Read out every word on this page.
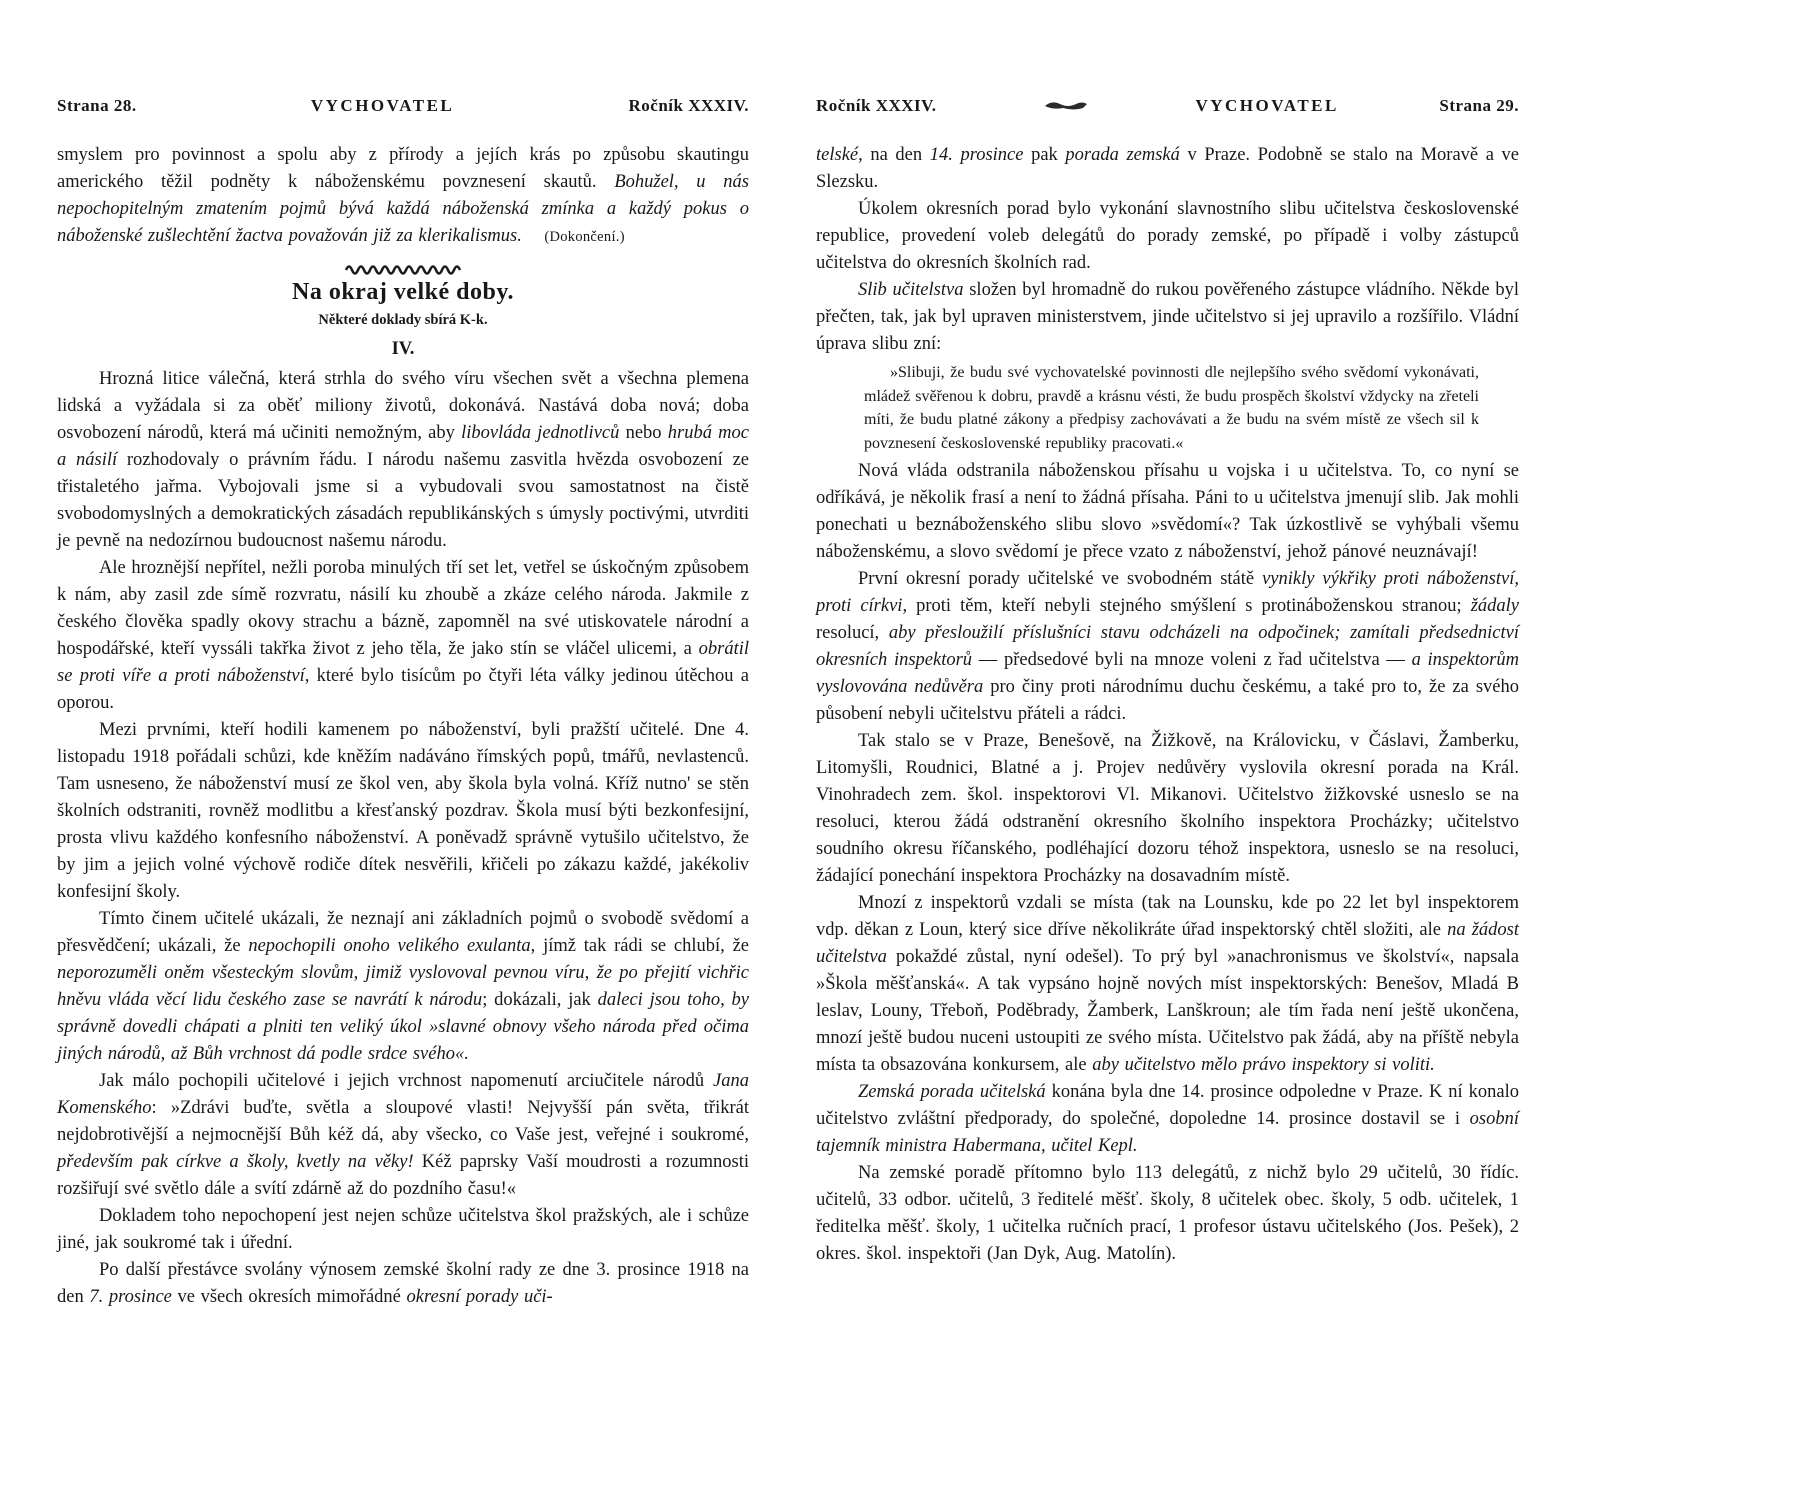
Strana 28.	VYCHOVATEL	Ročník XXXIV.

smyslem pro povinnost a spolu aby z přírody a jejích krás po způsobu skautingu amerického těžil podněty k náboženskému povznesení skautů. Bohužel, u nás nepochopitelným zmatením pojmů bývá každá náboženská zmínka a každý pokus o náboženské zušlechtění žactva považován již za klerikalismus. (Dokončení.)

Na okraj velké doby.
Některé doklady sbírá K-k.
IV.

Hrozná litice válečná, která strhla do svého víru všechen svět a všechna plemena lidská a vyžádala si za oběť miliony životů, dokonává. Nastává doba nová; doba osvobození národů, která má učiniti nemožným, aby libovláda jednotlivců nebo hrubá moc a násilí rozhodovaly o právním řádu. I národu našemu zasvitla hvězda osvobození ze třistaletého jařma. Vybojovali jsme si a vybudovali svou samostatnost na čistě svobodomyslných a demokratických zásadách republikánských s úmysly poctivými, utvrditi je pevně na nedozírnou budoucnost našemu národu.

Ale hroznější nepřítel, nežli poroba minulých tří set let, vetřel se úskočným způsobem k nám, aby zasil zde símě rozvratu, násilí ku zhoubě a zkáze celého národa. Jakmile z českého člověka spadly okovy strachu a bázně, zapomněl na své utiskovatele národní a hospodářské, kteří vyssáli takřka život z jeho těla, že jako stín se vláčel ulicemi, a obrátil se proti víře a proti náboženství, které bylo tisícům po čtyři léta války jedinou útěchou a oporou.

Mezi prvními, kteří hodili kamenem po náboženství, byli pražští učitelé. Dne 4. listopadu 1918 pořádali schůzi, kde kněžím nadáváno římských popů, tmářů, nevlastenců. Tam usneseno, že náboženství musí ze škol ven, aby škola byla volná. Kříž nutno' se stěn školních odstraniti, rovněž modlitbu a křesťanský pozdrav. Škola musí býti bezkonfesijní, prosta vlivu každého konfesního náboženství. A poněvadž správně vytušilo učitelstvo, že by jim a jejich volné výchově rodiče dítek nesvěřili, křičeli po zákazu každé, jakékoliv konfesijní školy.

Tímto činem učitelé ukázali, že neznají ani základních pojmů o svobodě svědomí a přesvědčení; ukázali, že nepochopili onoho velikého exulanta, jímž tak rádi se chlubí, že neporozuměli oněm všesteckým slovům, jimiž vyslovoval pevnou víru, že po přejití vichřic hněvu vláda věcí lidu českého zase se navrátí k národu; dokázali, jak daleci jsou toho, by správně dovedli chápati a plniti ten veliký úkol »slavné obnovy všeho národa před očima jiných národů, až Bůh vrchnost dá podle srdce svého«.

Jak málo pochopili učitelové i jejich vrchnost napomenutí arciučitele národů Jana Komenského: »Zdrávi buďte, světla a sloupové vlasti! Nejvyšší pán světa, třikrát nejdobrotivější a nejmocnější Bůh kéž dá, aby všecko, co Vaše jest, veřejné i soukromé, především pak církve a školy, kvetly na věky! Kéž paprsky Vaší moudrosti a rozumnosti rozšiřují své světlo dále a svítí zdárně až do pozdního času!«

Dokladem toho nepochopení jest nejen schůze učitelstva škol pražských, ale i schůze jiné, jak soukromé tak i úřední.

Po další přestávce svolány výnosem zemské školní rady ze dne 3. prosince 1918 na den 7. prosince ve všech okresích mimořádné okresní porady uči-

Ročník XXXIV.	VYCHOVATEL	Strana 29.

telské, na den 14. prosince pak porada zemská v Praze. Podobně se stalo na Moravě a ve Slezsku.

Úkolem okresních porad bylo vykonání slavnostního slibu učitelstva československé republice, provedení voleb delegátů do porady zemské, po případě i volby zástupců učitelstva do okresních školních rad.

Slib učitelstva složen byl hromadně do rukou pověřeného zástupce vládního. Někde byl přečten, tak, jak byl upraven ministerstvem, jinde učitelstvo si jej upravilo a rozšířilo. Vládní úprava slibu zní:

»Slibuji, že budu své vychovatelské povinnosti dle nejlepšího svého svědomí vykonávati, mládež svěřenou k dobru, pravdě a krásnu vésti, že budu prospěch školství vždycky na zřeteli míti, že budu platné zákony a předpisy zachovávati a že budu na svém místě ze všech sil k povznesení československé republiky pracovati.«

Nová vláda odstranila náboženskou přísahu u vojska i u učitelstva. To, co nyní se odříkává, je několik frasí a není to žádná přísaha. Páni to u učitelstva jmenují slib. Jak mohli ponechati u beznáboženského slibu slovo »svědomí«? Tak úzkostlivě se vyhýbali všemu náboženskému, a slovo svědomí je přece vzato z náboženství, jehož pánové neuznávají!

První okresní porady učitelské ve svobodném státě vynikly výkřiky proti náboženství, proti církvi, proti těm, kteří nebyli stejného smýšlení s protináboženskou stranou; žádaly resolucí, aby přesloužilí příslušníci stavu odcházeli na odpočinek; zamítali předsednictví okresních inspektorů — předsedové byli na mnoze voleni z řad učitelstva — a inspektorům vyslovována nedůvěra pro činy proti národnímu duchu českému, a také pro to, že za svého působení nebyli učitelstvu přáteli a rádci.

Tak stalo se v Praze, Benešově, na Žižkově, na Královicku, v Čáslavi, Žamberku, Litomyšli, Roudnici, Blatné a j. Projev nedůvěry vyslovila okresní porada na Král. Vinohradech zem. škol. inspektorovi Vl. Mikanovi. Učitelstvo žižkovské usneslo se na resoluci, kterou žádá odstranění okresního školního inspektora Procházky; učitelstvo soudního okresu říčanského, podléhající dozoru téhož inspektora, usneslo se na resoluci, žádající ponechání inspektora Procházky na dosavadním místě.

Mnozí z inspektorů vzdali se místa (tak na Lounsku, kde po 22 let byl inspektorem vdp. děkan z Loun, který sice dříve několikráte úřad inspektorský chtěl složiti, ale na žádost učitelstva pokaždé zůstal, nyní odešel). To prý byl »anachronismus ve školství«, napsala »Škola měšťanská«. A tak vypsáno hojně nových míst inspektorských: Benešov, Mladá B leslav, Louny, Třeboň, Poděbrady, Žamberk, Lanškroun; ale tím řada není ještě ukončena, mnozí ještě budou nuceni ustoupiti ze svého místa. Učitelstvo pak žádá, aby na příště nebyla místa ta obsazována konkursem, ale aby učitelstvo mělo právo inspektory si voliti.

Zemská porada učitelská konána byla dne 14. prosince odpoledne v Praze. K ní konalo učitelstvo zvláštní předporady, do společné, dopoledne 14. prosince dostavil se i osobní tajemník ministra Habermana, učitel Kepl.

Na zemské poradě přítomno bylo 113 delegátů, z nichž bylo 29 učitelů, 30 řídíc. učitelů, 33 odbor. učitelů, 3 ředitelé měšť. školy, 8 učitelek obec. školy, 5 odb. učitelek, 1 ředitelka měšť. školy, 1 učitelka ručních prací, 1 profesor ústavu učitelského (Jos. Pešek), 2 okres. škol. inspektoři (Jan Dyk, Aug. Matolín).
